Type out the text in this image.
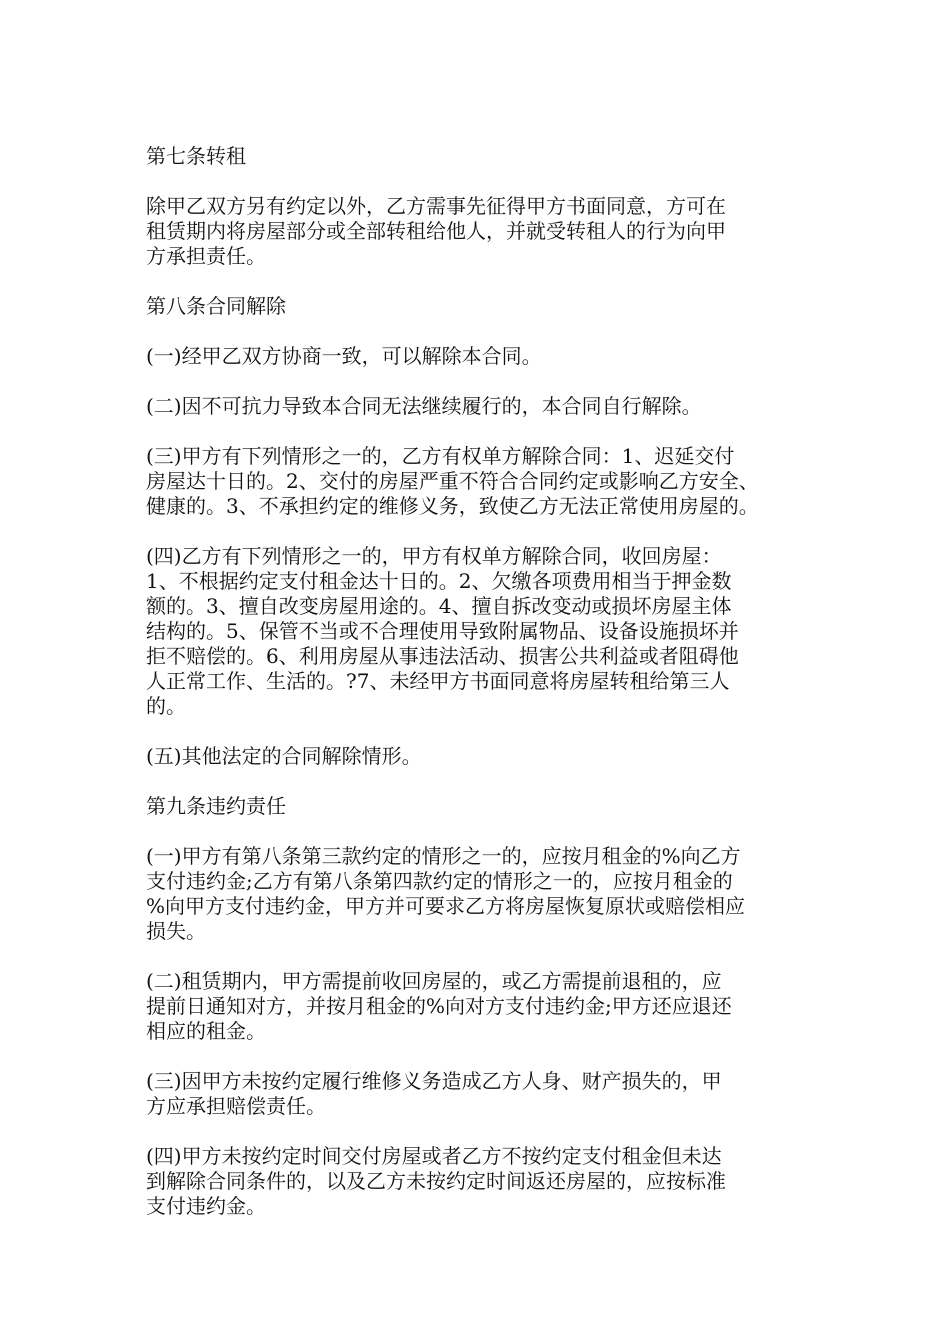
第七条转租

除甲乙双方另有约定以外，乙方需事先征得甲方书面同意，方可在
租赁期内将房屋部分或全部转租给他人，并就受转租人的行为向甲
方承担责任。

第八条合同解除

(一)经甲乙双方协商一致，可以解除本合同。

(二)因不可抗力导致本合同无法继续履行的，本合同自行解除。

(三)甲方有下列情形之一的，乙方有权单方解除合同：1、迟延交付
房屋达十日的。2、交付的房屋严重不符合合同约定或影响乙方安全、
健康的。3、不承担约定的维修义务，致使乙方无法正常使用房屋的。

(四)乙方有下列情形之一的，甲方有权单方解除合同，收回房屋：
1、不根据约定支付租金达十日的。2、欠缴各项费用相当于押金数
额的。3、擅自改变房屋用途的。4、擅自拆改变动或损坏房屋主体
结构的。5、保管不当或不合理使用导致附属物品、设备设施损坏并
拒不赔偿的。6、利用房屋从事违法活动、损害公共利益或者阻碍他
人正常工作、生活的。?7、未经甲方书面同意将房屋转租给第三人
的。

(五)其他法定的合同解除情形。

第九条违约责任

(一)甲方有第八条第三款约定的情形之一的，应按月租金的%向乙方
支付违约金;乙方有第八条第四款约定的情形之一的，应按月租金的
%向甲方支付违约金，甲方并可要求乙方将房屋恢复原状或赔偿相应
损失。

(二)租赁期内，甲方需提前收回房屋的，或乙方需提前退租的，应
提前日通知对方，并按月租金的%向对方支付违约金;甲方还应退还
相应的租金。

(三)因甲方未按约定履行维修义务造成乙方人身、财产损失的，甲
方应承担赔偿责任。

(四)甲方未按约定时间交付房屋或者乙方不按约定支付租金但未达
到解除合同条件的，以及乙方未按约定时间返还房屋的，应按标准
支付违约金。
